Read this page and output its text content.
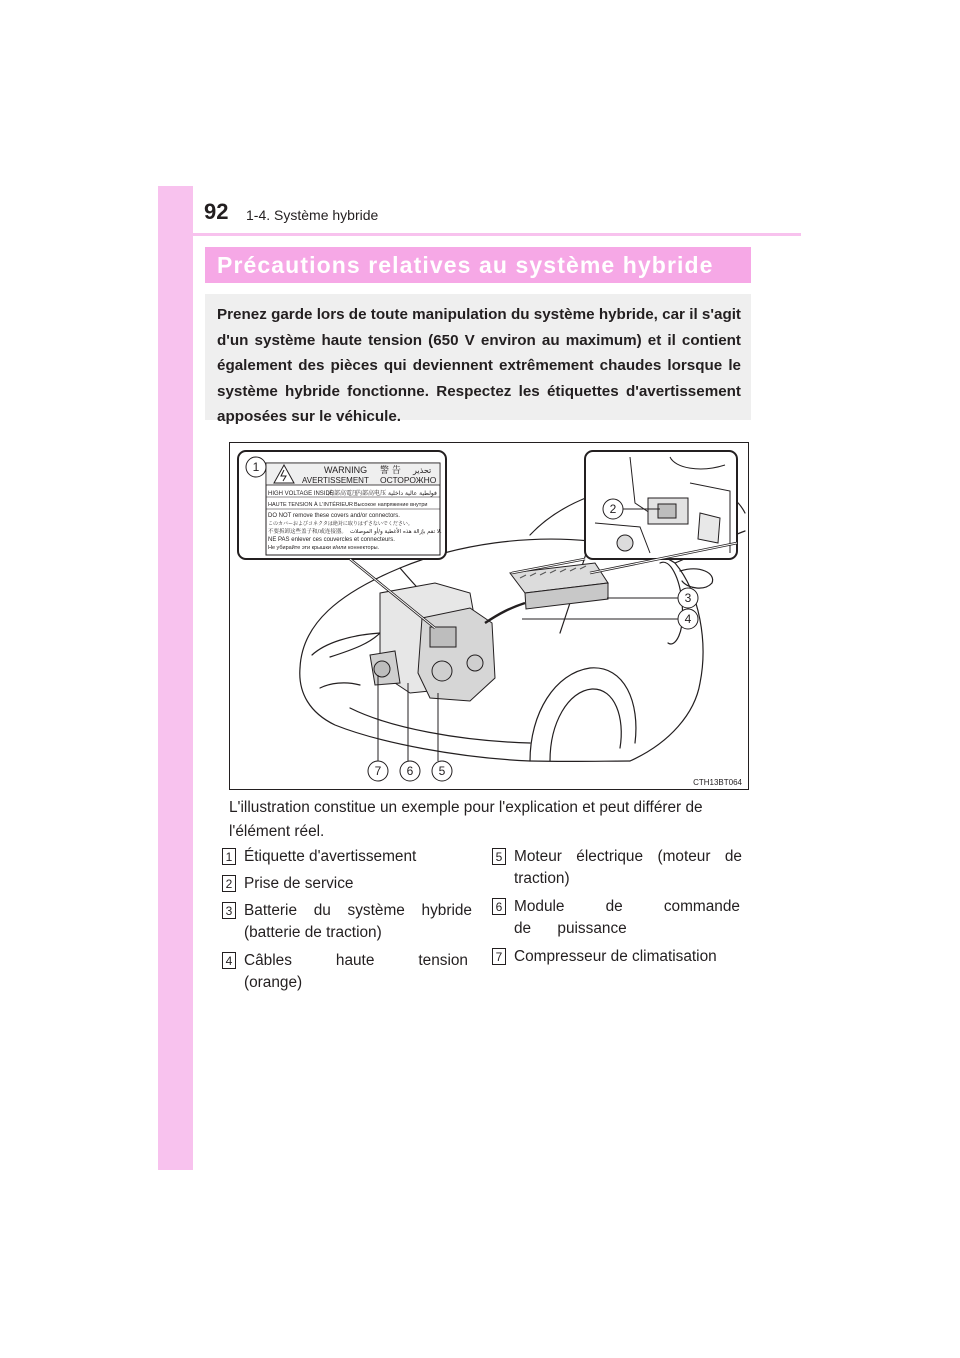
92 1-4. Système hybride
Précautions relatives au système hybride

Prenez garde lors de toute manipulation du système hybride, car il s'agit d'un système haute tension (650 V environ au maximum) et il contient également des pièces qui deviennent extrêmement chaudes lorsque le système hybride fonctionne. Respectez les étiquettes d'avertissement apposées sur le véhicule.

WARNING 警 告 تحذير
AVERTISSEMENT ОСТОРОЖНО
HIGH VOLTAGE INSIDE
内部高電圧
内部高电压 فولطية عالية داخلية
HAUTE TENSION À L'INTÉRIEUR Высокое напряжение внутри
DO NOT remove these covers and/or connectors.
このカバーおよびコネクタは絶対に取りはずさないでください。
不要拆卸这些盖子和/或连接器。 لا تقم بإزالة هذه الأغطية و/أو الموصلات.
NE PAS enlever ces couvercles et connecteurs.
Не убирайте эти крышки и/или коннекторы.
1
2
3
4
5
6
7
CTH13BT064
L'illustration constitue un exemple pour l'explication et peut différer de l'élément réel.
1 Étiquette d'avertissement
2 Prise de service
3 Batterie du système hybride (batterie de traction)
4 Câbles haute tension (orange)
5 Moteur électrique (moteur de traction)
6 Module de commande de puissance
7 Compresseur de climatisation
